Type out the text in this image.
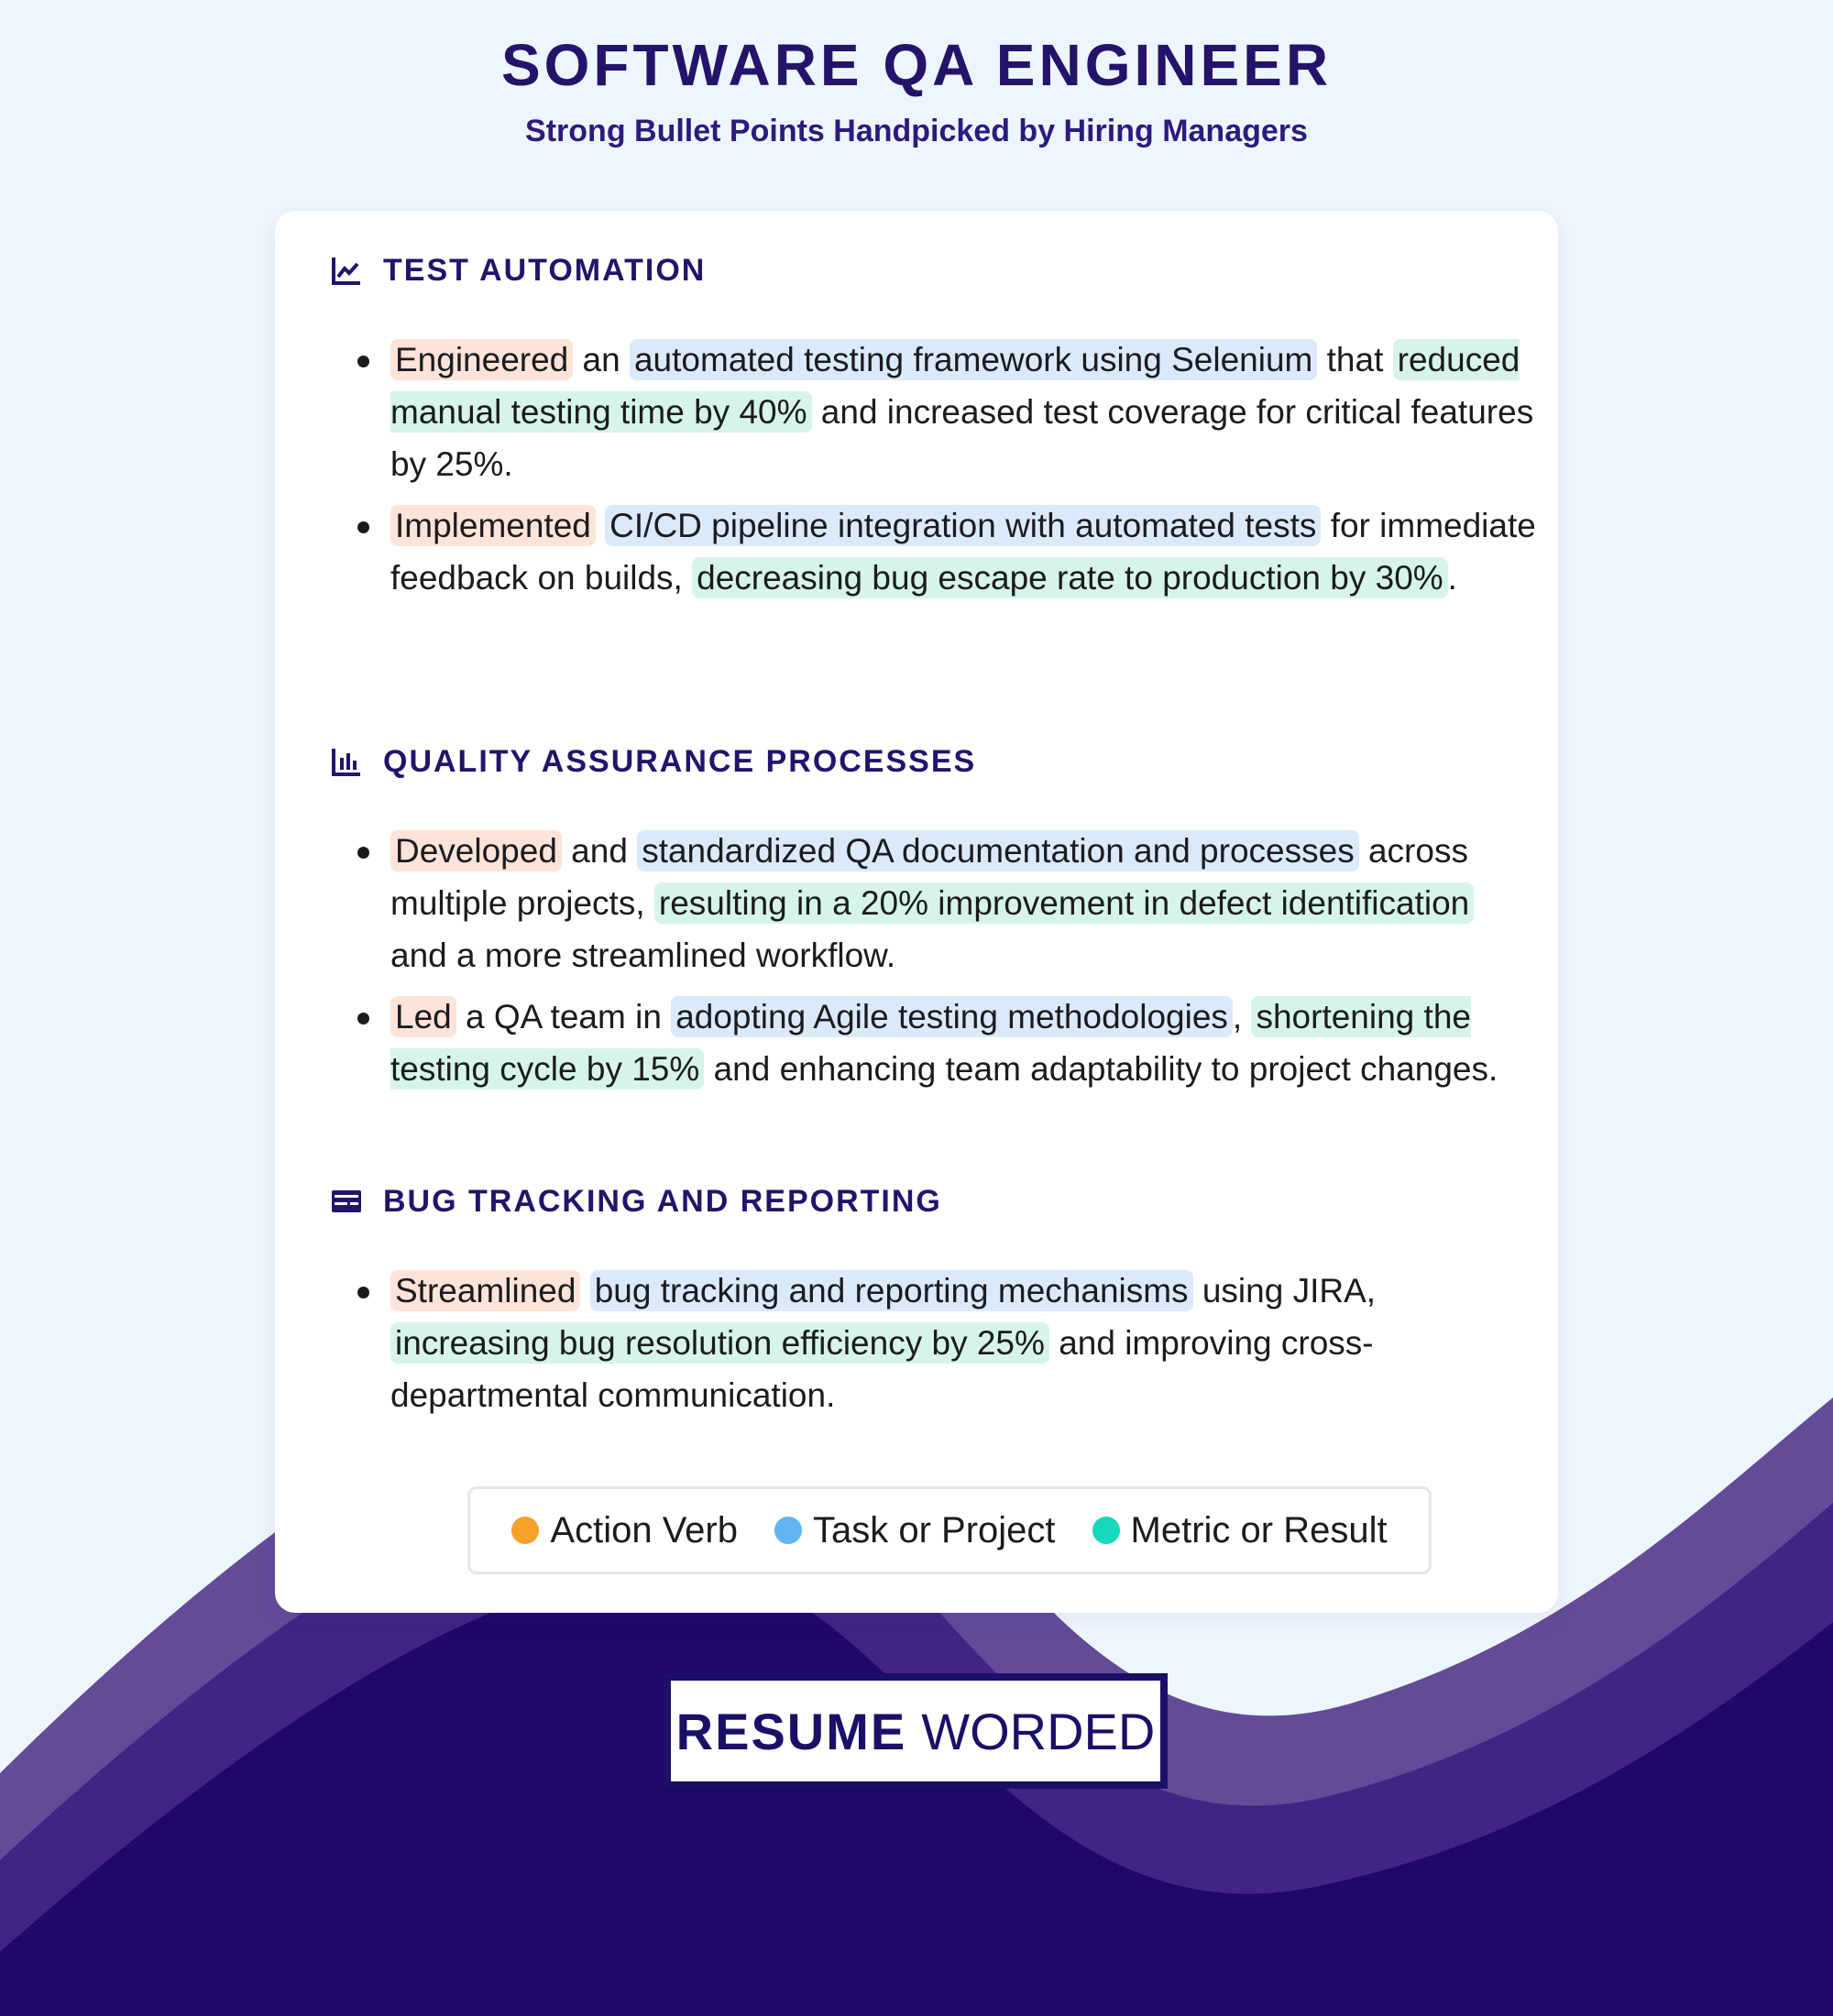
SOFTWARE QA ENGINEER
Strong Bullet Points Handpicked by Hiring Managers
TEST AUTOMATION
Engineered an automated testing framework using Selenium that reduced manual testing time by 40% and increased test coverage for critical features by 25%.
Implemented CI/CD pipeline integration with automated tests for immediate feedback on builds, decreasing bug escape rate to production by 30% .
QUALITY ASSURANCE PROCESSES
Developed and standardized QA documentation and processes across multiple projects, resulting in a 20% improvement in defect identification and a more streamlined workflow.
Led a QA team in adopting Agile testing methodologies , shortening the testing cycle by 15% and enhancing team adaptability to project changes.
BUG TRACKING AND REPORTING
Streamlined bug tracking and reporting mechanisms using JIRA, increasing bug resolution efficiency by 25% and improving cross-departmental communication.
Action Verb Task or Project Metric or Result
RESUME WORDED
